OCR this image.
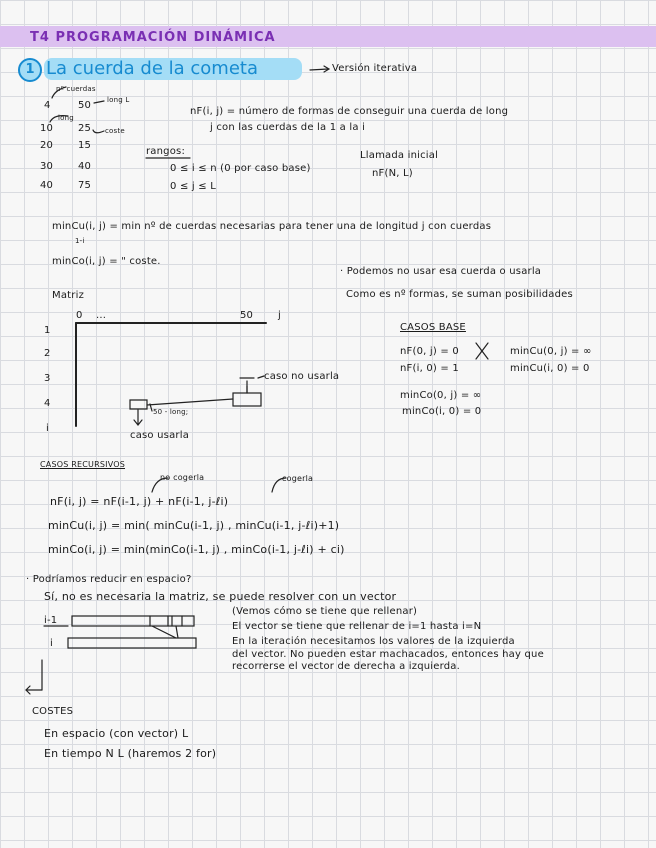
T4 PROGRAMACIÓN DINÁMICA
1 La cuerda de la cometa	Versión iterativa
nº cuerdas
long
long L
coste
4	50
10 25
20 15
30 40
40 75
nF(i, j) = número de formas de conseguir una cuerda de long
j con las cuerdas de la 1 a la i
rangos:
0 ≤ i ≤ n (0 por caso base)
0 ≤ j ≤ L
Llamada inicial
nF(N, L)
minCu(i, j) = min nº de cuerdas necesarias para tener una de longitud j con cuerdas
1-i
minCo(i, j) = " coste.
· Podemos no usar esa cuerda o usarla
Como es nº formas, se suman posibilidades
Matriz
0 ...	50 j
1
2
3
4
i
caso no usarla
50 - long;
caso usarla
CASOS BASE
nF(0, j) = 0
nF(i, 0) = 1
minCo(0, j) = ∞
minCo(i, 0) = 0
minCu(0, j) = ∞
minCu(i, 0) = 0
CASOS RECURSIVOS
no cogerla	cogerla
nF(i, j) = nF(i-1, j) + nF(i-1, j-ℓi)
minCu(i, j) = min( minCu(i-1, j) , minCu(i-1, j-ℓi)+1)
minCo(i, j) = min(minCo(i-1, j) , minCo(i-1, j-ℓi) + ci)
· Podríamos reducir en espacio?
Sí, no es necesaria la matriz, se puede resolver con un vector
(Vemos cómo se tiene que rellenar)
i-1
i
El vector se tiene que rellenar de i=1 hasta i=N
En la iteración necesitamos los valores de la izquierda
del vector. No pueden estar machacados, entonces hay que
recorrerse el vector de derecha a izquierda.
COSTES
En espacio (con vector) L
En tiempo N L (haremos 2 for)
